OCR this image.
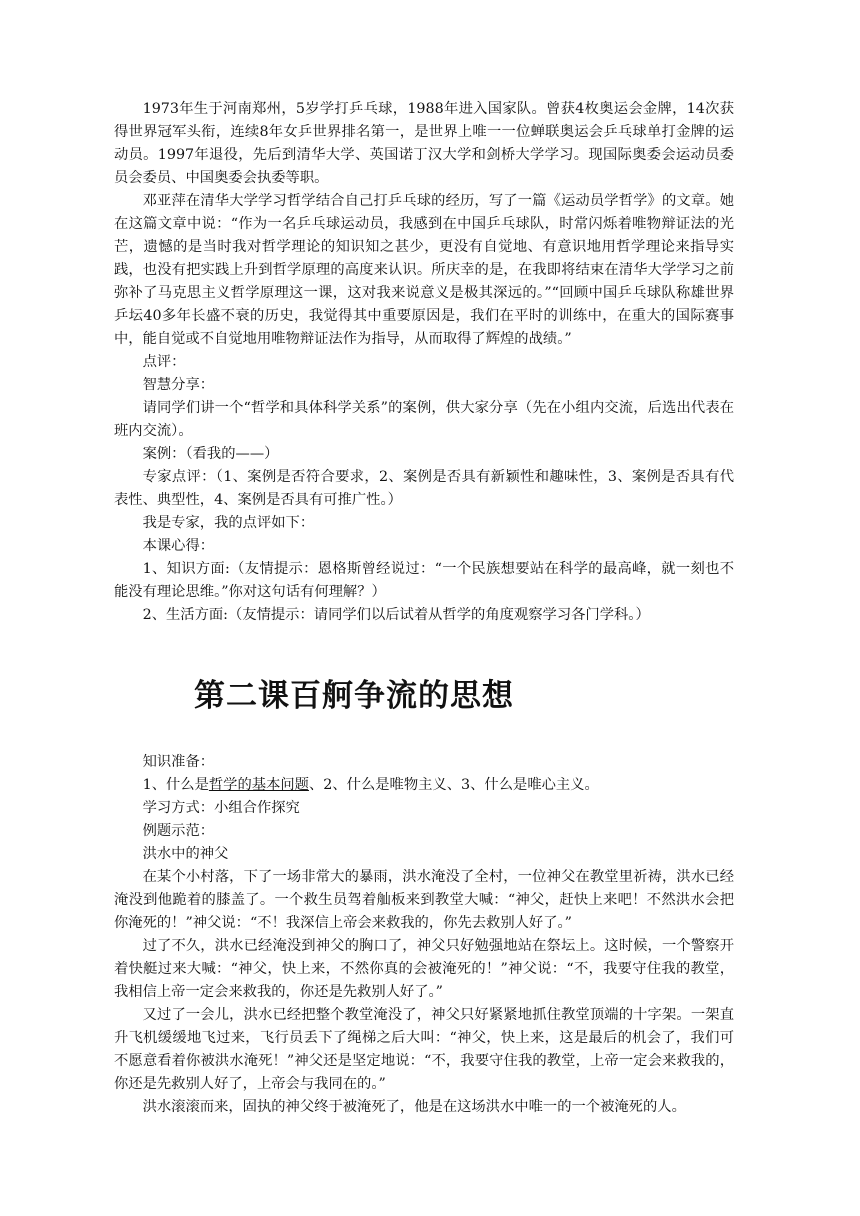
1973年生于河南郑州，5岁学打乒乓球，1988年进入国家队。曾获4枚奥运会金牌，14次获得世界冠军头衔，连续8年女乒世界排名第一，是世界上唯一一位蝉联奥运会乒乓球单打金牌的运动员。1997年退役，先后到清华大学、英国诺丁汉大学和剑桥大学学习。现国际奥委会运动员委员会委员、中国奥委会执委等职。

邓亚萍在清华大学学习哲学结合自己打乒乓球的经历，写了一篇《运动员学哲学》的文章。她在这篇文章中说：“作为一名乒乓球运动员，我感到在中国乒乓球队，时常闪烁着唯物辩证法的光芒，遗憾的是当时我对哲学理论的知识知之甚少，更没有自觉地、有意识地用哲学理论来指导实践，也没有把实践上升到哲学原理的高度来认识。所庆幸的是，在我即将结束在清华大学学习之前弥补了马克思主义哲学原理这一课，这对我来说意义是极其深远的。”“回顾中国乒乓球队称雄世界乒坛40多年长盛不衰的历史，我觉得其中重要原因是，我们在平时的训练中，在重大的国际赛事中，能自觉或不自觉地用唯物辩证法作为指导，从而取得了辉煌的战绩。”

点评：

智慧分享：

请同学们讲一个“哲学和具体科学关系”的案例，供大家分享（先在小组内交流，后选出代表在班内交流）。

案例：（看我的——）

专家点评：（1、案例是否符合要求，2、案例是否具有新颖性和趣味性，3、案例是否具有代表性、典型性，4、案例是否具有可推广性。）

我是专家，我的点评如下：

本课心得：

1、知识方面:（友情提示：恩格斯曾经说过：“一个民族想要站在科学的最高峰，就一刻也不能没有理论思维。”你对这句话有何理解？）

2、生活方面:（友情提示：请同学们以后试着从哲学的角度观察学习各门学科。）

第二课百舸争流的思想

知识准备：

1、什么是哲学的基本问题、2、什么是唯物主义、3、什么是唯心主义。

学习方式：小组合作探究

例题示范：

洪水中的神父

在某个小村落，下了一场非常大的暴雨，洪水淹没了全村，一位神父在教堂里祈祷，洪水已经淹没到他跪着的膝盖了。一个救生员驾着舢板来到教堂大喊：“神父，赶快上来吧！不然洪水会把你淹死的！”神父说：“不！我深信上帝会来救我的，你先去救别人好了。”

过了不久，洪水已经淹没到神父的胸口了，神父只好勉强地站在祭坛上。这时候，一个警察开着快艇过来大喊：“神父，快上来，不然你真的会被淹死的！”神父说：“不，我要守住我的教堂，我相信上帝一定会来救我的，你还是先救别人好了。”

又过了一会儿，洪水已经把整个教堂淹没了，神父只好紧紧地抓住教堂顶端的十字架。一架直升飞机缓缓地飞过来，飞行员丢下了绳梯之后大叫：“神父，快上来，这是最后的机会了，我们可不愿意看着你被洪水淹死！”神父还是坚定地说：“不，我要守住我的教堂，上帝一定会来救我的，你还是先救别人好了，上帝会与我同在的。”

洪水滚滚而来，固执的神父终于被淹死了，他是在这场洪水中唯一的一个被淹死的人。
